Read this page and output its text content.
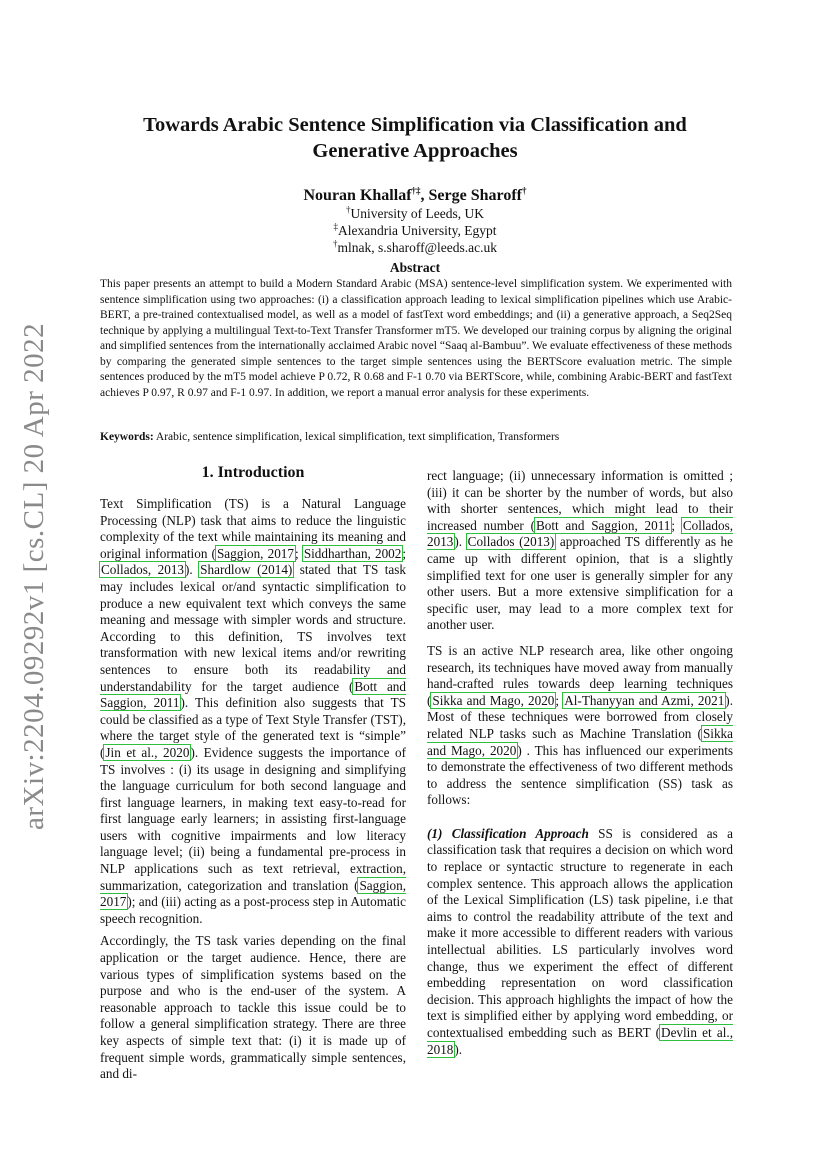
arXiv:2204.09292v1 [cs.CL] 20 Apr 2022
Towards Arabic Sentence Simplification via Classification and Generative Approaches
Nouran Khallaf†‡, Serge Sharoff†
†University of Leeds, UK
‡Alexandria University, Egypt
†mlnak, s.sharoff@leeds.ac.uk
Abstract

This paper presents an attempt to build a Modern Standard Arabic (MSA) sentence-level simplification system. We experimented with sentence simplification using two approaches: (i) a classification approach leading to lexical simplification pipelines which use Arabic-BERT, a pre-trained contextualised model, as well as a model of fastText word embeddings; and (ii) a generative approach, a Seq2Seq technique by applying a multilingual Text-to-Text Transfer Transformer mT5. We developed our training corpus by aligning the original and simplified sentences from the internationally acclaimed Arabic novel “Saaq al-Bambuu”. We evaluate effectiveness of these methods by comparing the generated simple sentences to the target simple sentences using the BERTScore evaluation metric. The simple sentences produced by the mT5 model achieve P 0.72, R 0.68 and F-1 0.70 via BERTScore, while, combining Arabic-BERT and fastText achieves P 0.97, R 0.97 and F-1 0.97. In addition, we report a manual error analysis for these experiments.

Keywords: Arabic, sentence simplification, lexical simplification, text simplification, Transformers

1. Introduction

Text Simplification (TS) is a Natural Language Processing (NLP) task that aims to reduce the linguistic complexity of the text while maintaining its meaning and original information (Saggion, 2017; Siddharthan, 2002; Collados, 2013). Shardlow (2014) stated that TS task may includes lexical or/and syntactic simplification to produce a new equivalent text which conveys the same meaning and message with simpler words and structure. According to this definition, TS involves text transformation with new lexical items and/or rewriting sentences to ensure both its readability and understandability for the target audience (Bott and Saggion, 2011). This definition also suggests that TS could be classified as a type of Text Style Transfer (TST), where the target style of the generated text is “simple” (Jin et al., 2020). Evidence suggests the importance of TS involves : (i) its usage in designing and simplifying the language curriculum for both second language and first language learners, in making text easy-to-read for first language early learners; in assisting first-language users with cognitive impairments and low literacy language level; (ii) being a fundamental pre-process in NLP applications such as text retrieval, extraction, summarization, categorization and translation (Saggion, 2017); and (iii) acting as a post-process step in Automatic speech recognition.

Accordingly, the TS task varies depending on the final application or the target audience. Hence, there are various types of simplification systems based on the purpose and who is the end-user of the system. A reasonable approach to tackle this issue could be to follow a general simplification strategy. There are three key aspects of simple text that: (i) it is made up of frequent simple words, grammatically simple sentences, and di-

rect language; (ii) unnecessary information is omitted ; (iii) it can be shorter by the number of words, but also with shorter sentences, which might lead to their increased number (Bott and Saggion, 2011; Collados, 2013). Collados (2013) approached TS differently as he came up with different opinion, that is a slightly simplified text for one user is generally simpler for any other users. But a more extensive simplification for a specific user, may lead to a more complex text for another user.

TS is an active NLP research area, like other ongoing research, its techniques have moved away from manually hand-crafted rules towards deep learning techniques (Sikka and Mago, 2020; Al-Thanyyan and Azmi, 2021). Most of these techniques were borrowed from closely related NLP tasks such as Machine Translation (Sikka and Mago, 2020) . This has influenced our experiments to demonstrate the effectiveness of two different methods to address the sentence simplification (SS) task as follows:

(1) Classification Approach SS is considered as a classification task that requires a decision on which word to replace or syntactic structure to regenerate in each complex sentence. This approach allows the application of the Lexical Simplification (LS) task pipeline, i.e that aims to control the readability attribute of the text and make it more accessible to different readers with various intellectual abilities. LS particularly involves word change, thus we experiment the effect of different embedding representation on word classification decision. This approach highlights the impact of how the text is simplified either by applying word embedding, or contextualised embedding such as BERT (Devlin et al., 2018).
